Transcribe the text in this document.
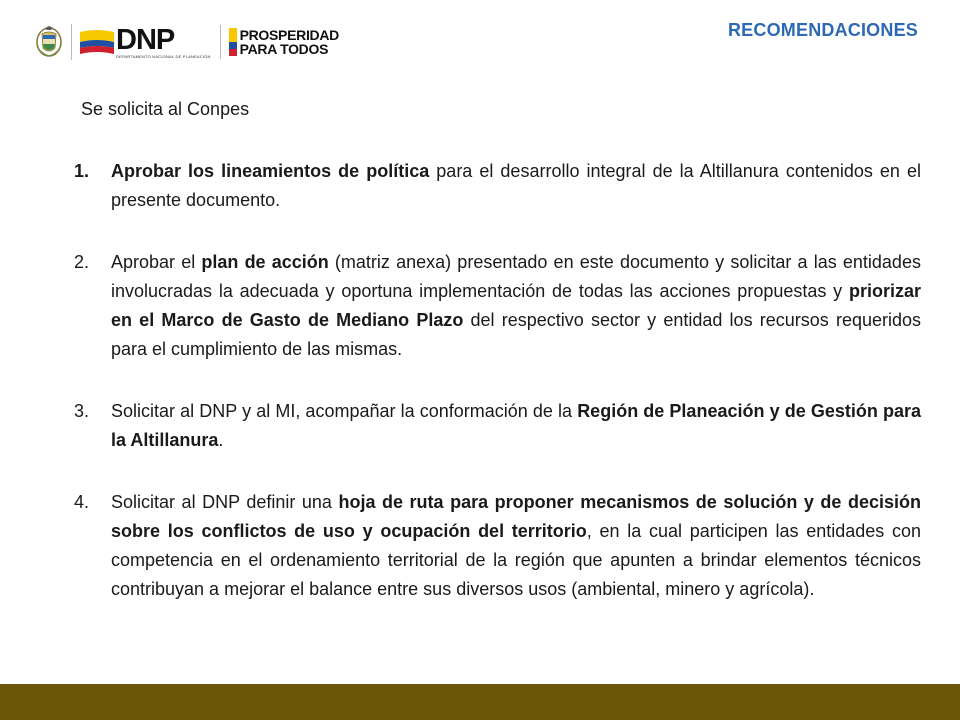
DNP
DEPARTAMENTO NACIONAL DE PLANEACIÓN
PROSPERIDAD
PARA TODOS
RECOMENDACIONES
Se solicita al Conpes
1.	Aprobar los lineamientos de política para el desarrollo integral de la Altillanura contenidos en el presente documento.
2.	Aprobar el plan de acción (matriz anexa) presentado en este documento y solicitar a las entidades involucradas la adecuada y oportuna implementación de todas las acciones propuestas y priorizar en el Marco de Gasto de Mediano Plazo del respectivo sector y entidad los recursos requeridos para el cumplimiento de las mismas.
3.	Solicitar al DNP y al MI, acompañar la conformación de la Región de Planeación y de Gestión para la Altillanura.
4.	Solicitar al DNP definir una hoja de ruta para proponer mecanismos de solución y de decisión sobre los conflictos de uso y ocupación del territorio, en la cual participen las entidades con competencia en el ordenamiento territorial de la región que apunten a brindar elementos técnicos contribuyan a mejorar el balance entre sus diversos usos (ambiental, minero y agrícola).
